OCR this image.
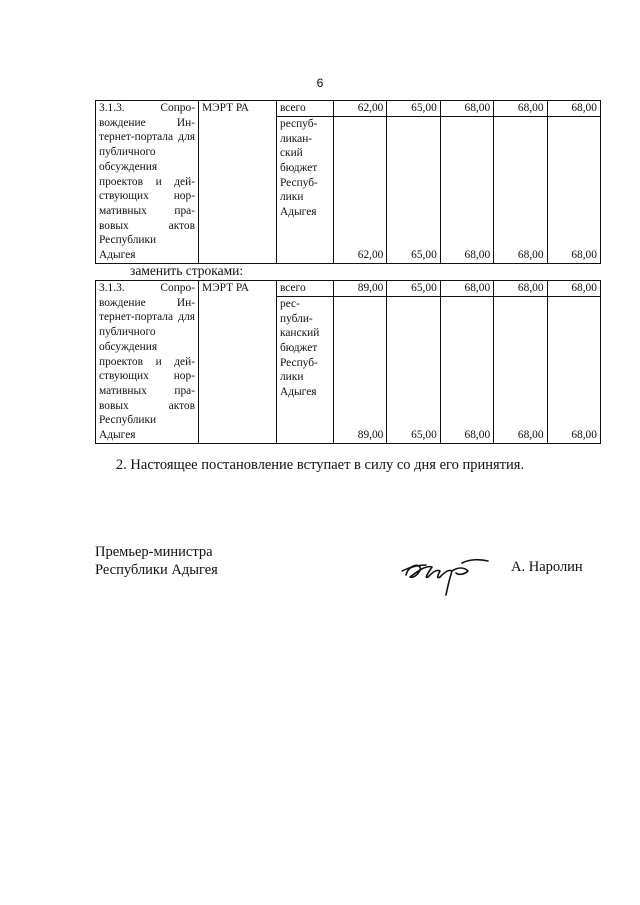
6
3.1.3. Сопро-вождение Ин-тернет-портала для публичного обсуждения проектов и дей-ствующих нор-мативных пра-вовых актов Республики Адыгея	МЭРТ РА	всего	62,00	65,00	68,00	68,00	68,00
		респуб-ликан-ский бюджет Респуб-лики Адыгея	62,00	65,00	68,00	68,00	68,00
заменить строками:
3.1.3. Сопро-вождение Ин-тернет-портала для публичного обсуждения проектов и дей-ствующих нор-мативных пра-вовых актов Республики Адыгея	МЭРТ РА	всего	89,00	65,00	68,00	68,00	68,00
		рес-публи-канский бюджет Респуб-лики Адыгея	89,00	65,00	68,00	68,00	68,00
2. Настоящее постановление вступает в силу со дня его принятия.
Премьер-министра
Республики Адыгея	А. Наролин
